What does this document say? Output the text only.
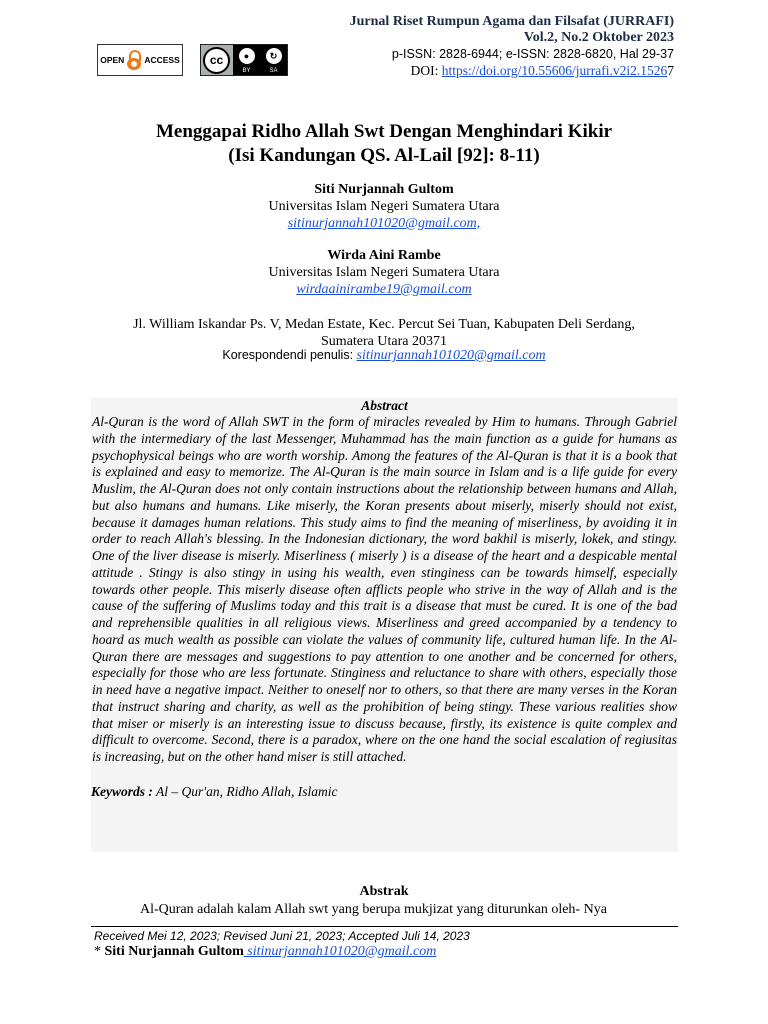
Jurnal Riset Rumpun Agama dan Filsafat (JURRAFI)
Vol.2, No.2 Oktober 2023
p-ISSN: 2828-6944; e-ISSN: 2828-6820, Hal 29-37
DOI: https://doi.org/10.55606/jurrafi.v2i2.15267
OPEN ACCESS	cc	●	↻
BY	SA
Menggapai Ridho Allah Swt Dengan Menghindari Kikir
(Isi Kandungan QS. Al-Lail [92]: 8-11)
Siti Nurjannah Gultom
Universitas Islam Negeri Sumatera Utara
sitinurjannah101020@gmail.com,
Wirda Aini Rambe
Universitas Islam Negeri Sumatera Utara
wirdaainirambe19@gmail.com
Jl. William Iskandar Ps. V, Medan Estate, Kec. Percut Sei Tuan, Kabupaten Deli Serdang,
Sumatera Utara 20371
Korespondendi penulis: sitinurjannah101020@gmail.com
Abstract

Al-Quran is the word of Allah SWT in the form of miracles revealed by Him to humans. Through Gabriel with the intermediary of the last Messenger, Muhammad has the main function as a guide for humans as psychophysical beings who are worth worship. Among the features of the Al-Quran is that it is a book that is explained and easy to memorize. The Al-Quran is the main source in Islam and is a life guide for every Muslim, the Al-Quran does not only contain instructions about the relationship between humans and Allah, but also humans and humans. Like miserly, the Koran presents about miserly, miserly should not exist, because it damages human relations. This study aims to find the meaning of miserliness, by avoiding it in order to reach Allah's blessing. In the Indonesian dictionary, the word bakhil is miserly, lokek, and stingy. One of the liver disease is miserly. Miserliness ( miserly ) is a disease of the heart and a despicable mental attitude . Stingy is also stingy in using his wealth, even stinginess can be towards himself, especially towards other people. This miserly disease often afflicts people who strive in the way of Allah and is the cause of the suffering of Muslims today and this trait is a disease that must be cured. It is one of the bad and reprehensible qualities in all religious views. Miserliness and greed accompanied by a tendency to hoard as much wealth as possible can violate the values of community life, cultured human life. In the Al-Quran there are messages and suggestions to pay attention to one another and be concerned for others, especially for those who are less fortunate. Stinginess and reluctance to share with others, especially those in need have a negative impact. Neither to oneself nor to others, so that there are many verses in the Koran that instruct sharing and charity, as well as the prohibition of being stingy. These various realities show that miser or miserly is an interesting issue to discuss because, firstly, its existence is quite complex and difficult to overcome. Second, there is a paradox, where on the one hand the social escalation of regiusitas is increasing, but on the other hand miser is still attached.

Keywords : Al – Qur'an, Ridho Allah, Islamic
Abstrak
Al-Quran adalah kalam Allah swt yang berupa mukjizat yang diturunkan oleh- Nya
Received Mei 12, 2023; Revised Juni 21, 2023; Accepted Juli 14, 2023
* Siti Nurjannah Gultom sitinurjannah101020@gmail.com
